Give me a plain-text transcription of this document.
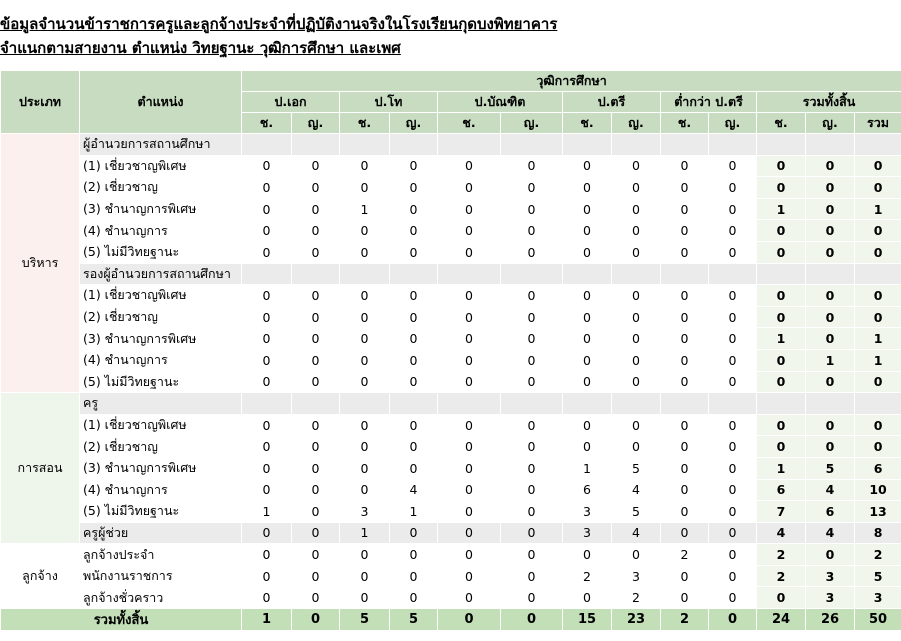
ข้อมูลจำนวนข้าราชการครูและลูกจ้างประจำที่ปฏิบัติงานจริงในโรงเรียนกุดบงพิทยาคาร
จำแนกตามสายงาน ตำแหน่ง วิทยฐานะ วุฒิการศึกษา และเพศ
ประเภท	ตำแหน่ง	วุฒิการศึกษา												
		ป.เอก		ป.โท		ป.บัณฑิต		ป.ตรี		ต่ำกว่า ป.ตรี		รวมทั้งสิ้น		
		ช.	ญ.	ช.	ญ.	ช.	ญ.	ช.	ญ.	ช.	ญ.	ช.	ญ.	รวม
บริหาร	ผู้อำนวยการสถานศึกษา													
	(1) เชี่ยวชาญพิเศษ	0	0	0	0	0	0	0	0	0	0	0	0	0
	(2) เชี่ยวชาญ	0	0	0	0	0	0	0	0	0	0	0	0	0
	(3) ชำนาญการพิเศษ	0	0	1	0	0	0	0	0	0	0	1	0	1
	(4) ชำนาญการ	0	0	0	0	0	0	0	0	0	0	0	0	0
	(5) ไม่มีวิทยฐานะ	0	0	0	0	0	0	0	0	0	0	0	0	0
	รองผู้อำนวยการสถานศึกษา													
	(1) เชี่ยวชาญพิเศษ	0	0	0	0	0	0	0	0	0	0	0	0	0
	(2) เชี่ยวชาญ	0	0	0	0	0	0	0	0	0	0	0	0	0
	(3) ชำนาญการพิเศษ	0	0	0	0	0	0	0	0	0	0	1	0	1
	(4) ชำนาญการ	0	0	0	0	0	0	0	0	0	0	0	1	1
	(5) ไม่มีวิทยฐานะ	0	0	0	0	0	0	0	0	0	0	0	0	0
การสอน	ครู													
	(1) เชี่ยวชาญพิเศษ	0	0	0	0	0	0	0	0	0	0	0	0	0
	(2) เชี่ยวชาญ	0	0	0	0	0	0	0	0	0	0	0	0	0
	(3) ชำนาญการพิเศษ	0	0	0	0	0	0	1	5	0	0	1	5	6
	(4) ชำนาญการ	0	0	0	4	0	0	6	4	0	0	6	4	10
	(5) ไม่มีวิทยฐานะ	1	0	3	1	0	0	3	5	0	0	7	6	13
	ครูผู้ช่วย	0	0	1	0	0	0	3	4	0	0	4	4	8
ลูกจ้าง	ลูกจ้างประจำ	0	0	0	0	0	0	0	0	2	0	2	0	2
	พนักงานราชการ	0	0	0	0	0	0	2	3	0	0	2	3	5
	ลูกจ้างชั่วคราว	0	0	0	0	0	0	0	2	0	0	0	3	3
รวมทั้งสิ้น		1	0	5	5	0	0	15	23	2	0	24	26	50
